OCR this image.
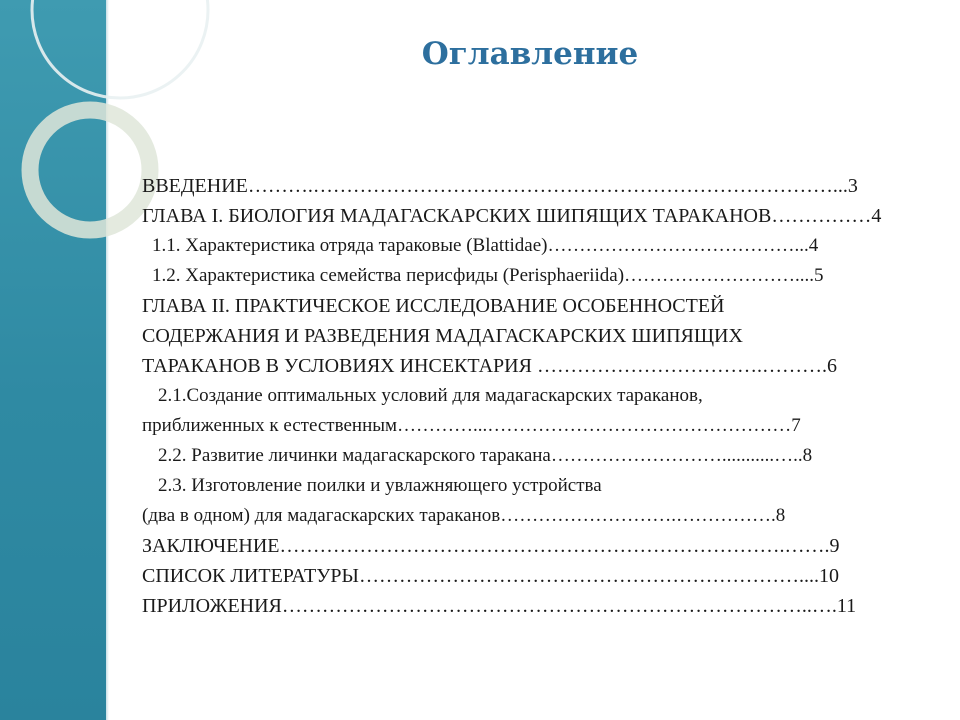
Оглавление
ВВЕДЕНИЕ……….……………………………………………………………………...3
ГЛАВА I. БИОЛОГИЯ МАДАГАСКАРСКИХ ШИПЯЩИХ ТАРАКАНОВ……………4
1.1. Характеристика отряда тараковые (Blattidae)…………………………………...4
1.2. Характеристика семейства перисфиды (Perisphaeriida)………………………....5
ГЛАВА II. ПРАКТИЧЕСКОЕ ИССЛЕДОВАНИЕ ОСОБЕННОСТЕЙ
СОДЕРЖАНИЯ И РАЗВЕДЕНИЯ МАДАГАСКАРСКИХ ШИПЯЩИХ
ТАРАКАНОВ В УСЛОВИЯХ ИНСЕКТАРИЯ …………………………….……….6
2.1.Создание оптимальных условий для мадагаскарских тараканов,
приближенных к естественным…………...…………………………………………7
2.2. Развитие личинки мадагаскарского таракана………………………...........…..8
2.3. Изготовление поилки и увлажняющего устройства
(два в одном) для мадагаскарских тараканов……………………….…………….8
ЗАКЛЮЧЕНИЕ………………………………………………………………….…….9
СПИСОК ЛИТЕРАТУРЫ…………………………………………………………....10
ПРИЛОЖЕНИЯ……………………………………………………………………..….11
